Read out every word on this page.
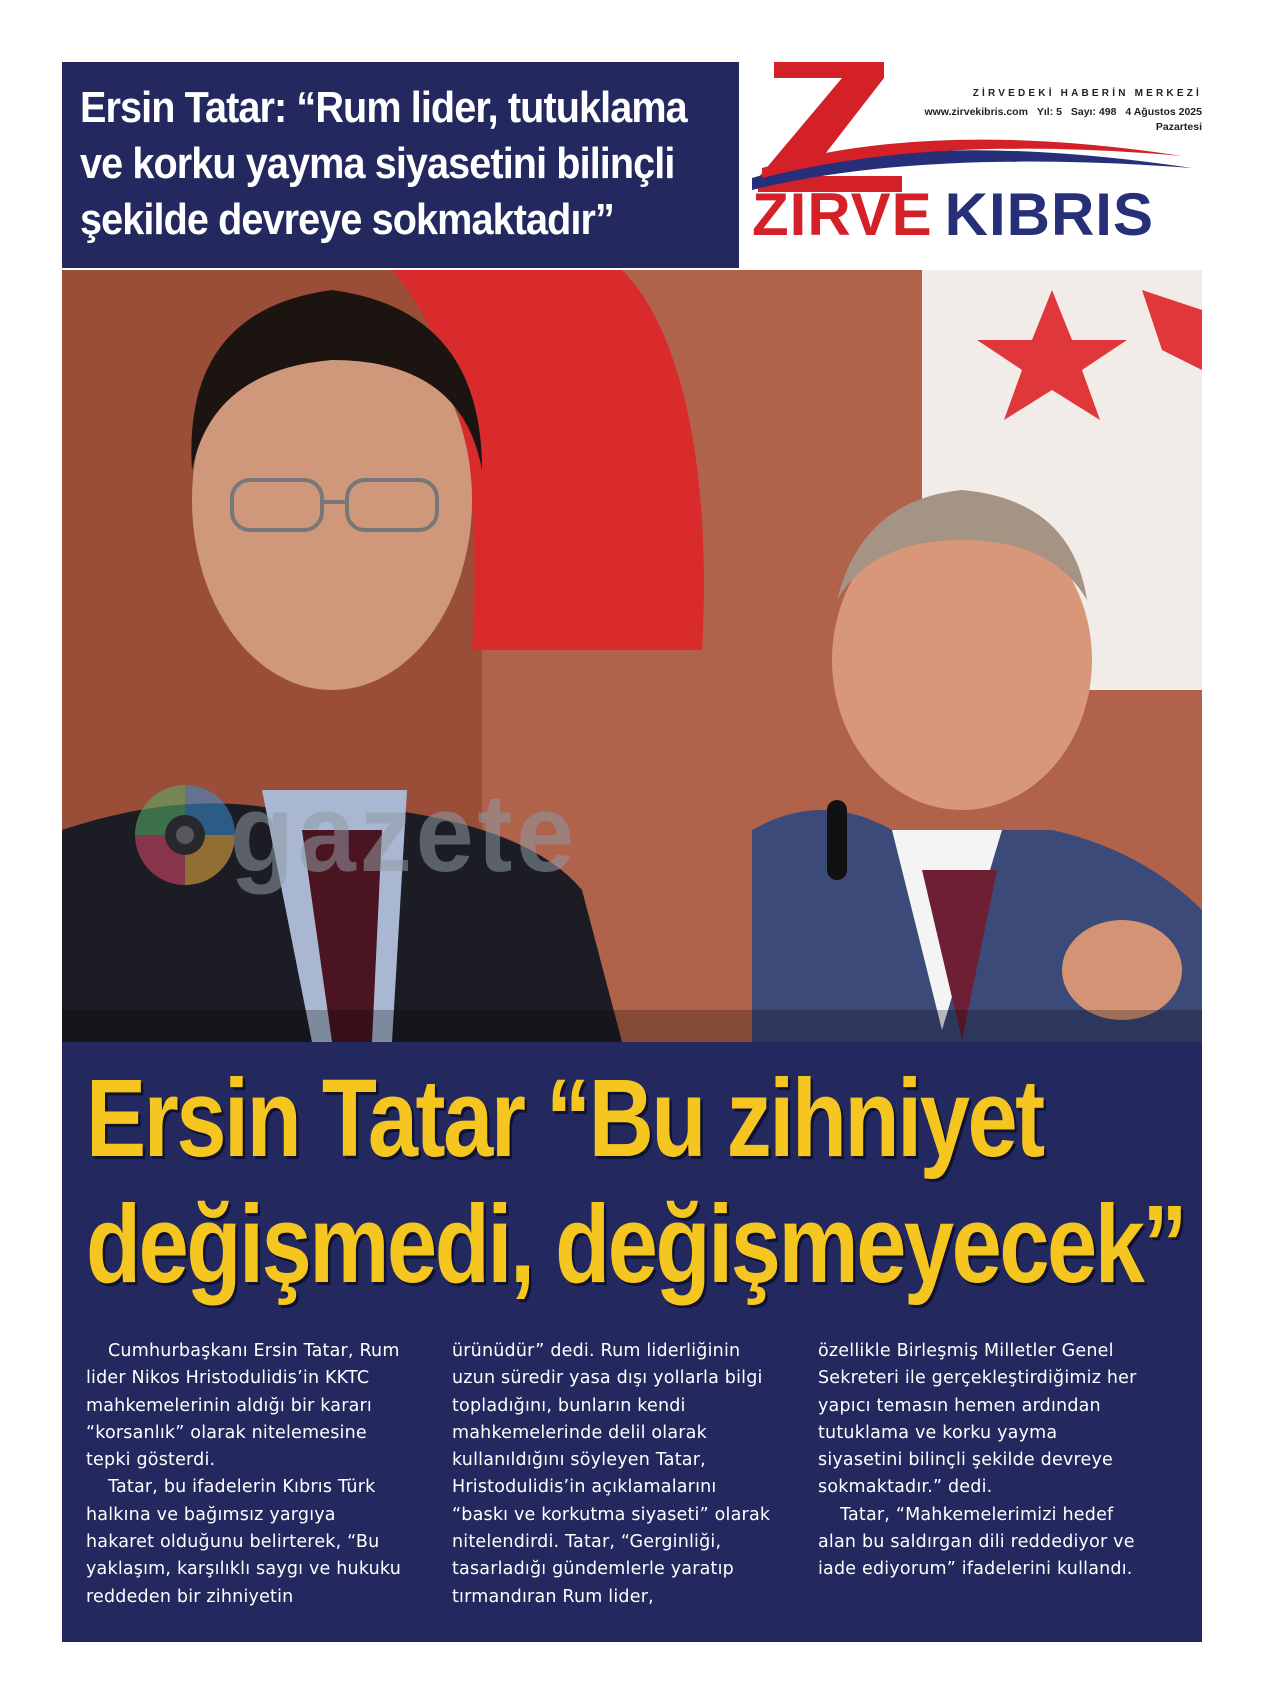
Ersin Tatar: “Rum lider, tutuklama ve korku yayma siyasetini bilinçli şekilde devreye sokmaktadır”
ZİRVEDEKİ HABERİN MERKEZİ
www.zirvekibris.com Yıl: 5 Sayı: 498 4 Ağustos 2025
Pazartesi
ZİRVE KIBRIS
gazete
Ersin Tatar “Bu zihniyet değişmedi, değişmeyecek”

Cumhurbaşkanı Ersin Tatar, Rum lider Nikos Hristodulidis’in KKTC mahkemelerinin aldığı bir kararı “korsanlık” olarak nitelemesine tepki gösterdi.

Tatar, bu ifadelerin Kıbrıs Türk halkına ve bağımsız yargıya hakaret olduğunu belirterek, “Bu yaklaşım, karşılıklı saygı ve hukuku reddeden bir zihniyetin

ürünüdür” dedi. Rum liderliğinin uzun süredir yasa dışı yollarla bilgi topladığını, bunların kendi mahkemelerinde delil olarak kullanıldığını söyleyen Tatar, Hristodulidis’in açıklamalarını “baskı ve korkutma siyaseti” olarak nitelendirdi. Tatar, “Gerginliği, tasarladığı gündemlerle yaratıp tırmandıran Rum lider,

özellikle Birleşmiş Milletler Genel Sekreteri ile gerçekleştirdiğimiz her yapıcı temasın hemen ardından tutuklama ve korku yayma siyasetini bilinçli şekilde devreye sokmaktadır.” dedi.

Tatar, “Mahkemelerimizi hedef alan bu saldırgan dili reddediyor ve iade ediyorum” ifadelerini kullandı.
